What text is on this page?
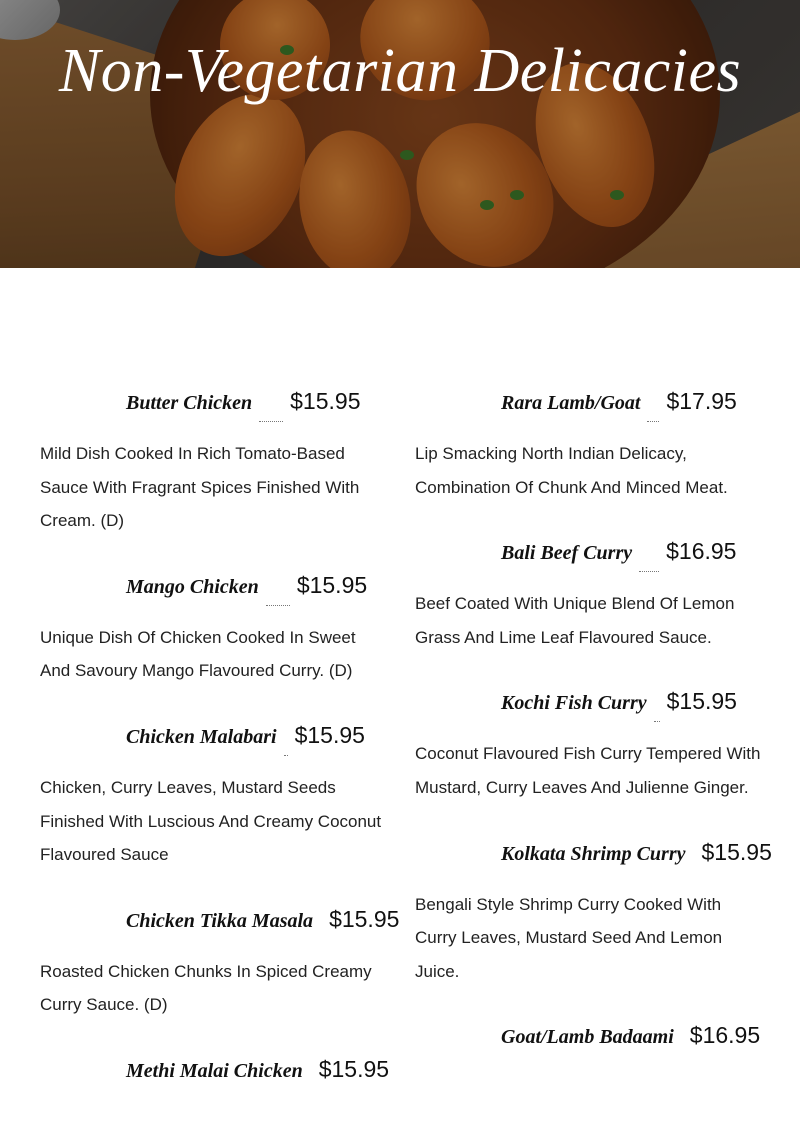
Non-Vegetarian Delicacies
Butter Chicken $15.95

Mild Dish Cooked In Rich Tomato-Based Sauce With Fragrant Spices Finished With Cream. (D)

Mango Chicken $15.95

Unique Dish Of Chicken Cooked In Sweet And Savoury Mango Flavoured Curry. (D)

Chicken Malabari $15.95

Chicken, Curry Leaves, Mustard Seeds Finished With Luscious And Creamy Coconut Flavoured Sauce

Chicken Tikka Masala $15.95

Roasted Chicken Chunks In Spiced Creamy Curry Sauce. (D)

Methi Malai Chicken $15.95
Rara Lamb/Goat $17.95

Lip Smacking North Indian Delicacy, Combination Of Chunk And Minced Meat.

Bali Beef Curry $16.95

Beef Coated With Unique Blend Of Lemon Grass And Lime Leaf Flavoured Sauce.

Kochi Fish Curry $15.95

Coconut Flavoured Fish Curry Tempered With Mustard, Curry Leaves And Julienne Ginger.

Kolkata Shrimp Curry $15.95

Bengali Style Shrimp Curry Cooked With Curry Leaves, Mustard Seed And Lemon Juice.

Goat/Lamb Badaami $16.95
